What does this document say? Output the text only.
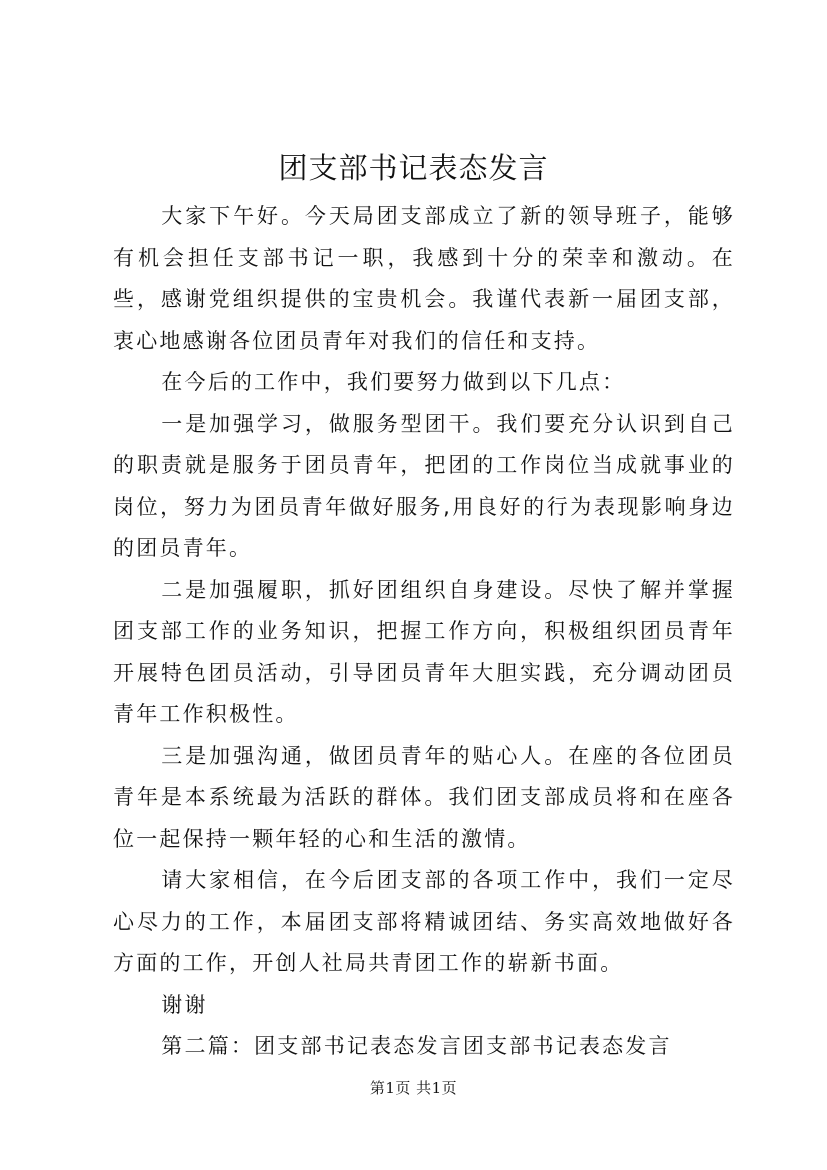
团支部书记表态发言

大家下午好。今天局团支部成立了新的领导班子，能够有机会担任支部书记一职，我感到十分的荣幸和激动。在些，感谢党组织提供的宝贵机会。我谨代表新一届团支部，衷心地感谢各位团员青年对我们的信任和支持。

在今后的工作中，我们要努力做到以下几点：

一是加强学习，做服务型团干。我们要充分认识到自己的职责就是服务于团员青年，把团的工作岗位当成就事业的岗位，努力为团员青年做好服务,用良好的行为表现影响身边的团员青年。

二是加强履职，抓好团组织自身建设。尽快了解并掌握团支部工作的业务知识，把握工作方向，积极组织团员青年开展特色团员活动，引导团员青年大胆实践，充分调动团员青年工作积极性。

三是加强沟通，做团员青年的贴心人。在座的各位团员青年是本系统最为活跃的群体。我们团支部成员将和在座各位一起保持一颗年轻的心和生活的激情。

请大家相信，在今后团支部的各项工作中，我们一定尽心尽力的工作，本届团支部将精诚团结、务实高效地做好各方面的工作，开创人社局共青团工作的崭新书面。

谢谢

第二篇：团支部书记表态发言团支部书记表态发言

第1页 共1页
